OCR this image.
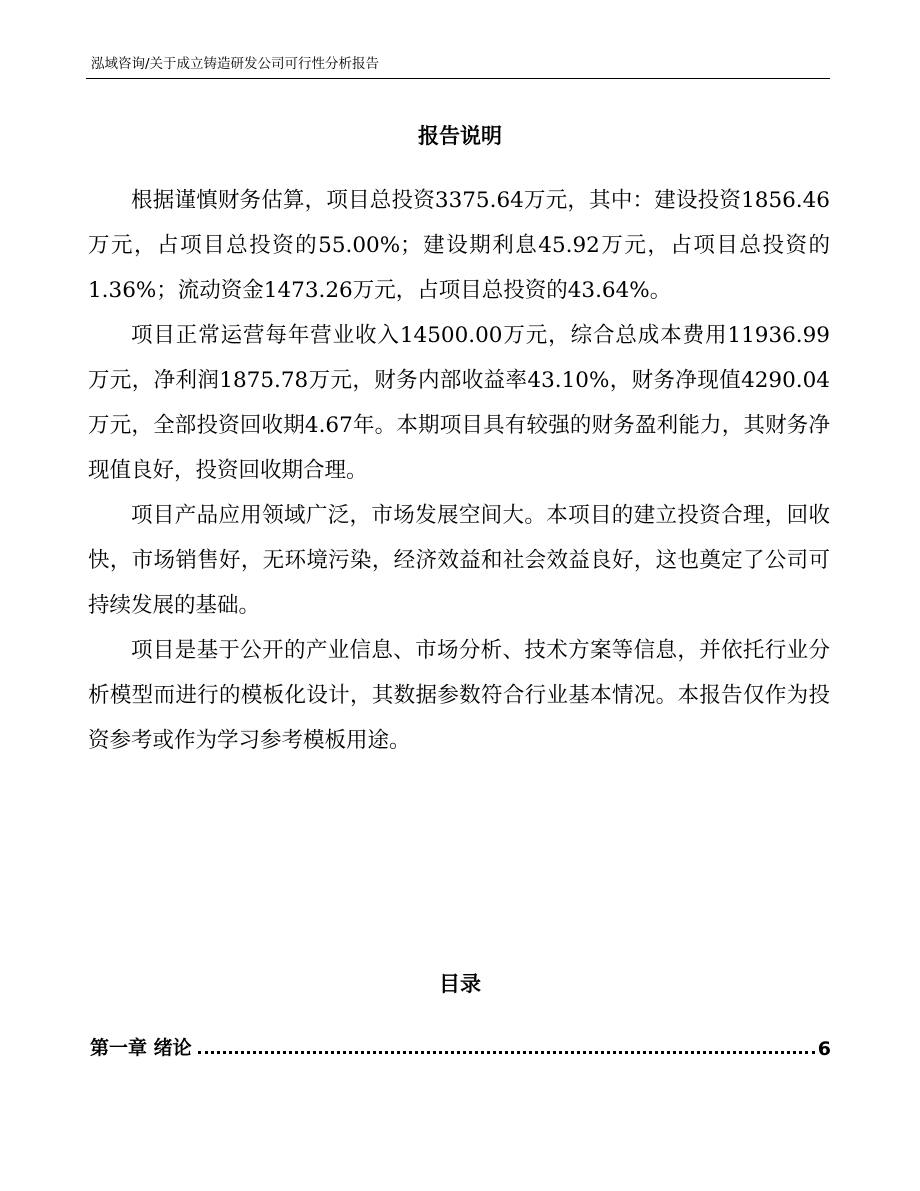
泓域咨询/关于成立铸造研发公司可行性分析报告
报告说明

根据谨慎财务估算，项目总投资3375.64万元，其中：建设投资1856.46万元，占项目总投资的55.00%；建设期利息45.92万元，占项目总投资的1.36%；流动资金1473.26万元，占项目总投资的43.64%。

项目正常运营每年营业收入14500.00万元，综合总成本费用11936.99万元，净利润1875.78万元，财务内部收益率43.10%，财务净现值4290.04万元，全部投资回收期4.67年。本期项目具有较强的财务盈利能力，其财务净现值良好，投资回收期合理。

项目产品应用领域广泛，市场发展空间大。本项目的建立投资合理，回收快，市场销售好，无环境污染，经济效益和社会效益良好，这也奠定了公司可持续发展的基础。

项目是基于公开的产业信息、市场分析、技术方案等信息，并依托行业分析模型而进行的模板化设计，其数据参数符合行业基本情况。本报告仅作为投资参考或作为学习参考模板用途。

目录
第一章 绪论	6
